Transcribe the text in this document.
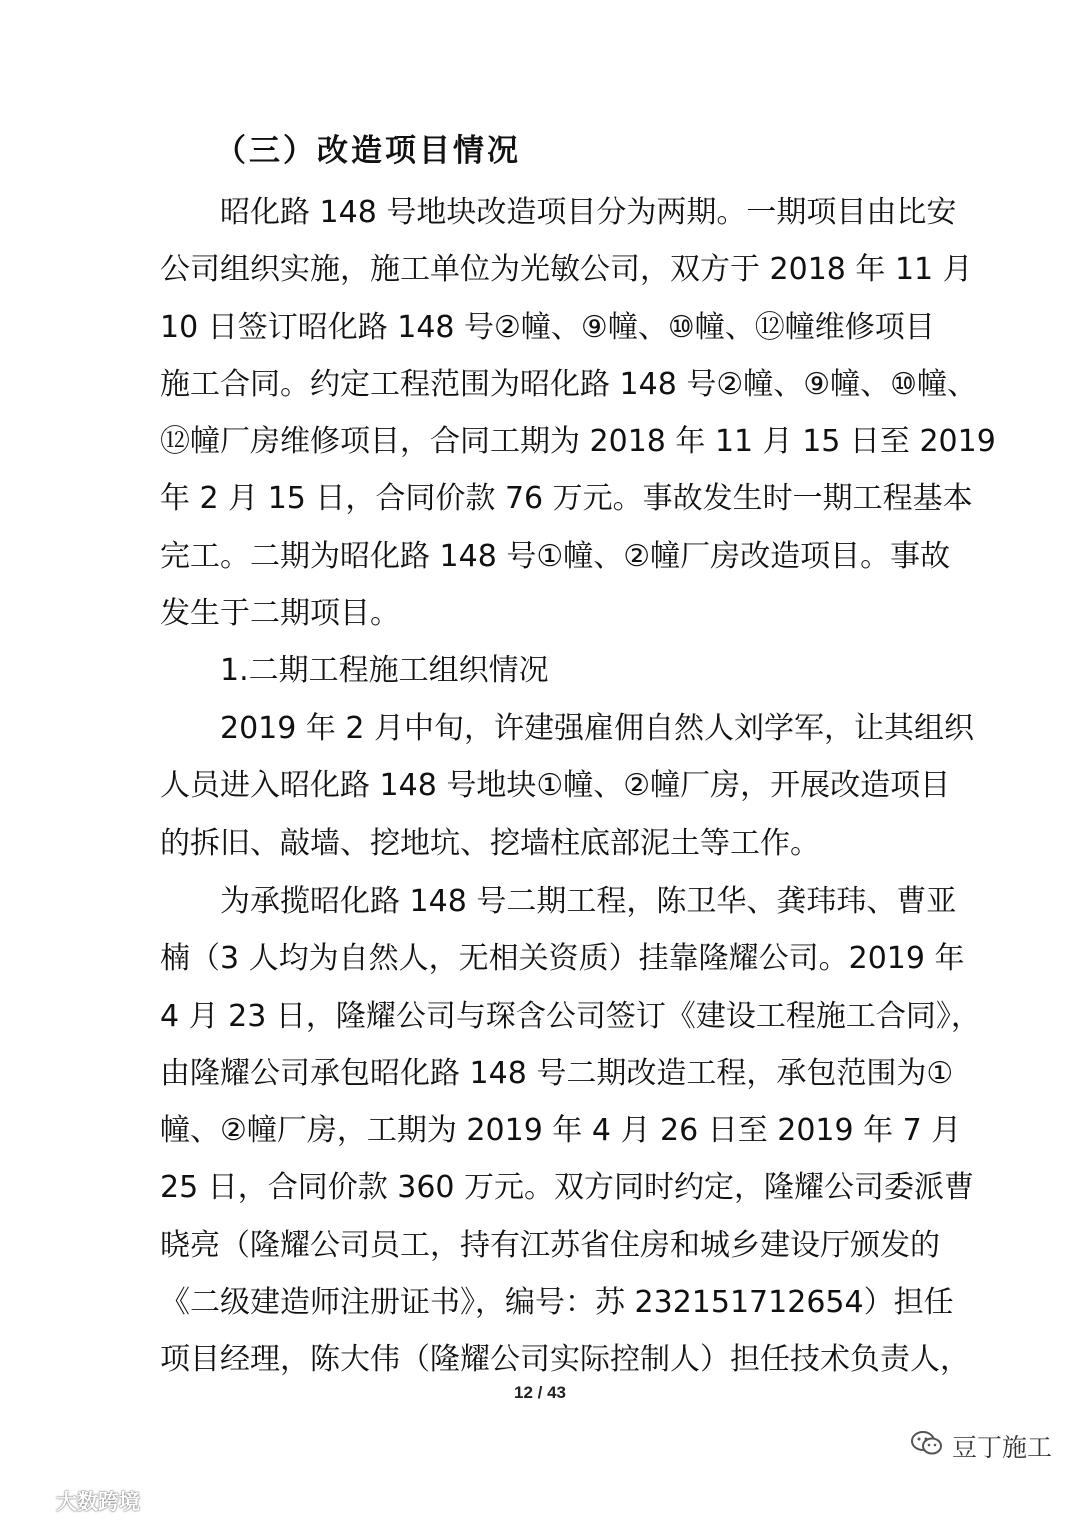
（三）改造项目情况

昭化路 148 号地块改造项目分为两期。一期项目由比安

公司组织实施，施工单位为光敏公司，双方于 2018 年 11 月
10 日签订昭化路 148 号②幢、⑨幢、⑩幢、⑫幢维修项目
施工合同。约定工程范围为昭化路 148 号②幢、⑨幢、⑩幢、
⑫幢厂房维修项目，合同工期为 2018 年 11 月 15 日至 2019
年 2 月 15 日，合同价款 76 万元。事故发生时一期工程基本
完工。二期为昭化路 148 号①幢、②幢厂房改造项目。事故
发生于二期项目。

1.二期工程施工组织情况

2019 年 2 月中旬，许建强雇佣自然人刘学军，让其组织

人员进入昭化路 148 号地块①幢、②幢厂房，开展改造项目
的拆旧、敲墙、挖地坑、挖墙柱底部泥土等工作。

为承揽昭化路 148 号二期工程，陈卫华、龚玮玮、曹亚

楠（3 人均为自然人，无相关资质）挂靠隆耀公司。2019 年
4 月 23 日，隆耀公司与琛含公司签订《建设工程施工合同》，
由隆耀公司承包昭化路 148 号二期改造工程，承包范围为①
幢、②幢厂房，工期为 2019 年 4 月 26 日至 2019 年 7 月
25 日，合同价款 360 万元。双方同时约定，隆耀公司委派曹
晓亮（隆耀公司员工，持有江苏省住房和城乡建设厅颁发的
《二级建造师注册证书》，编号：苏 232151712654）担任
项目经理，陈大伟（隆耀公司实际控制人）担任技术负责人，
12 / 43
豆丁施工
大数跨境
